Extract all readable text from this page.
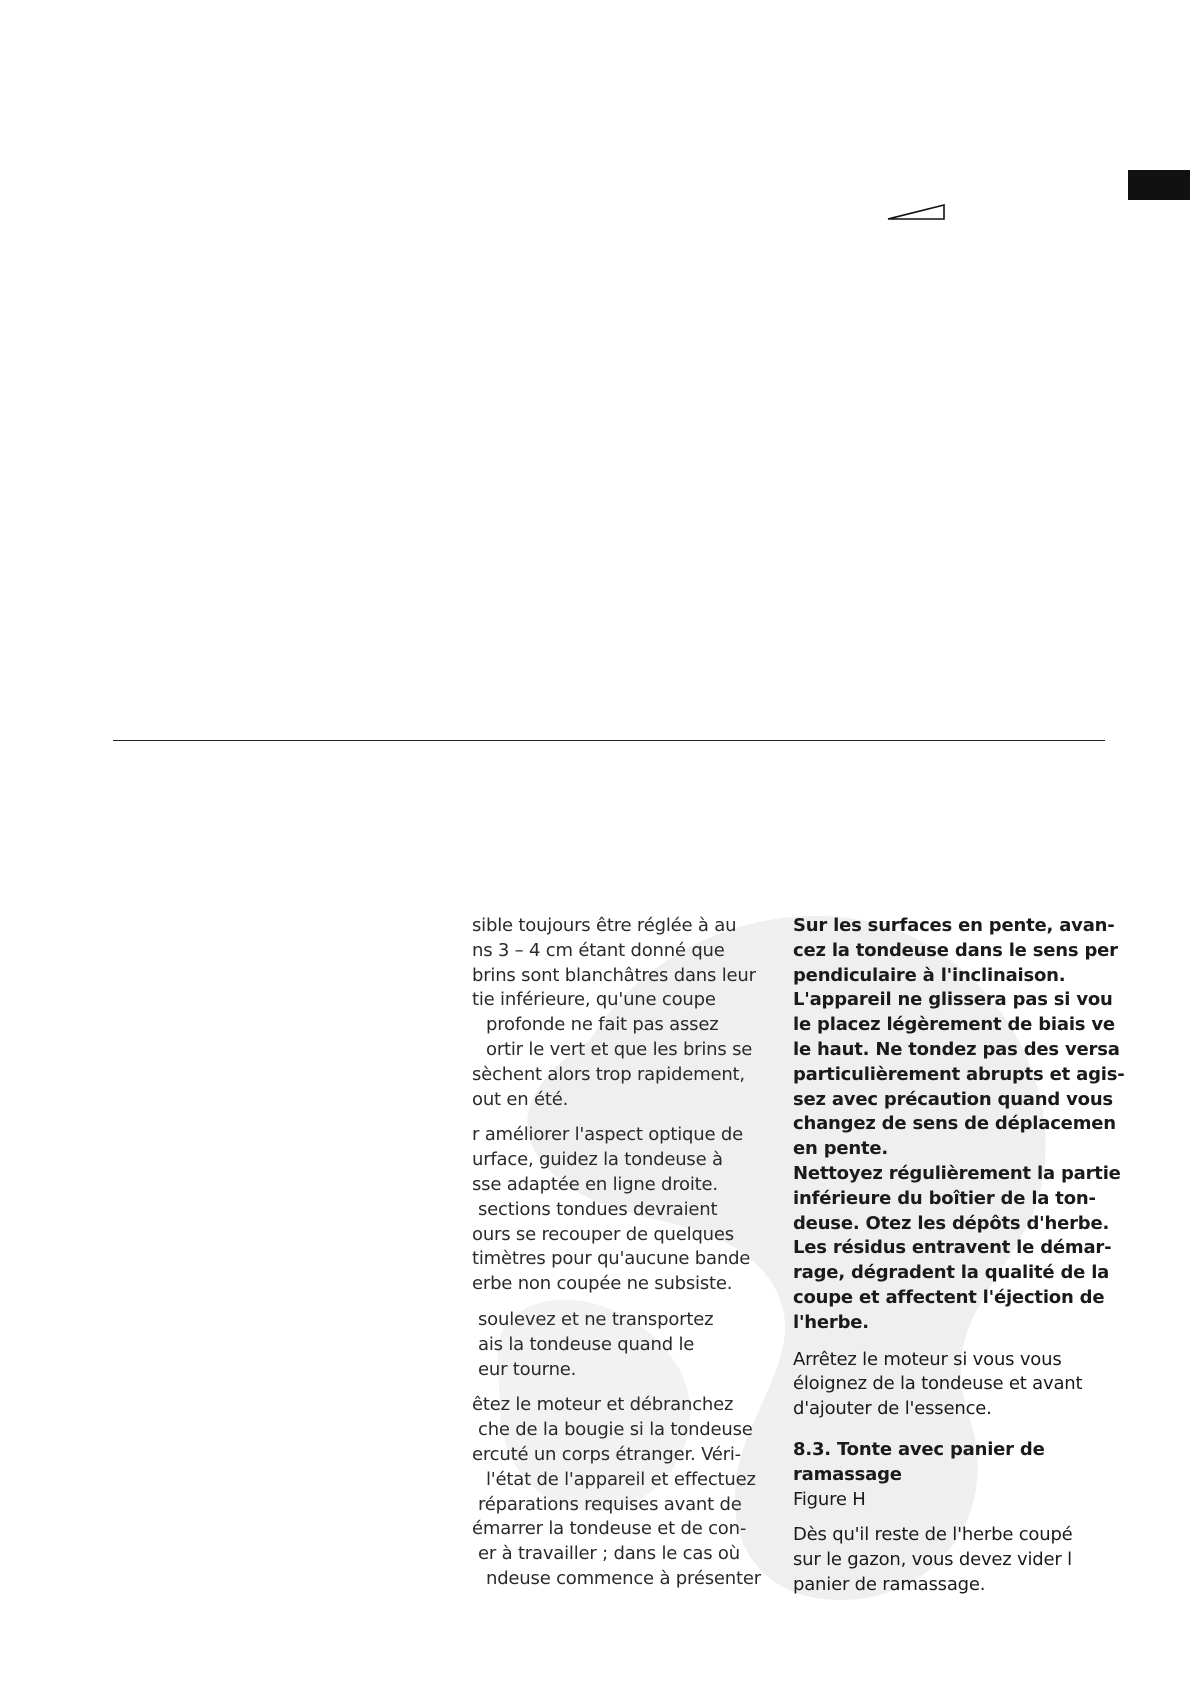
sible toujours être réglée à au
ns 3 – 4 cm étant donné que
brins sont blanchâtres dans leur
tie inférieure, qu'une coupe
profonde ne fait pas assez
ortir le vert et que les brins se
sèchent alors trop rapidement,
out en été.
r améliorer l'aspect optique de
urface, guidez la tondeuse à
sse adaptée en ligne droite.
sections tondues devraient
ours se recouper de quelques
timètres pour qu'aucune bande
erbe non coupée ne subsiste.
soulevez et ne transportez
ais la tondeuse quand le
eur tourne.
êtez le moteur et débranchez
che de la bougie si la tondeuse
ercuté un corps étranger. Véri-
l'état de l'appareil et effectuez
réparations requises avant de
émarrer la tondeuse et de con-
er à travailler ; dans le cas où
ndeuse commence à présenter
Sur les surfaces en pente, avan-
cez la tondeuse dans le sens per
pendiculaire à l'inclinaison.
L'appareil ne glissera pas si vou
le placez légèrement de biais ve
le haut. Ne tondez pas des versa
particulièrement abrupts et agis-
sez avec précaution quand vous
changez de sens de déplacemen
en pente.
Nettoyez régulièrement la partie
inférieure du boîtier de la ton-
deuse. Otez les dépôts d'herbe.
Les résidus entravent le démar-
rage, dégradent la qualité de la
coupe et affectent l'éjection de
l'herbe.
Arrêtez le moteur si vous vous
éloignez de la tondeuse et avant
d'ajouter de l'essence.
8.3. Tonte avec panier de
ramassage
Figure H
Dès qu'il reste de l'herbe coupé
sur le gazon, vous devez vider l
panier de ramassage.
